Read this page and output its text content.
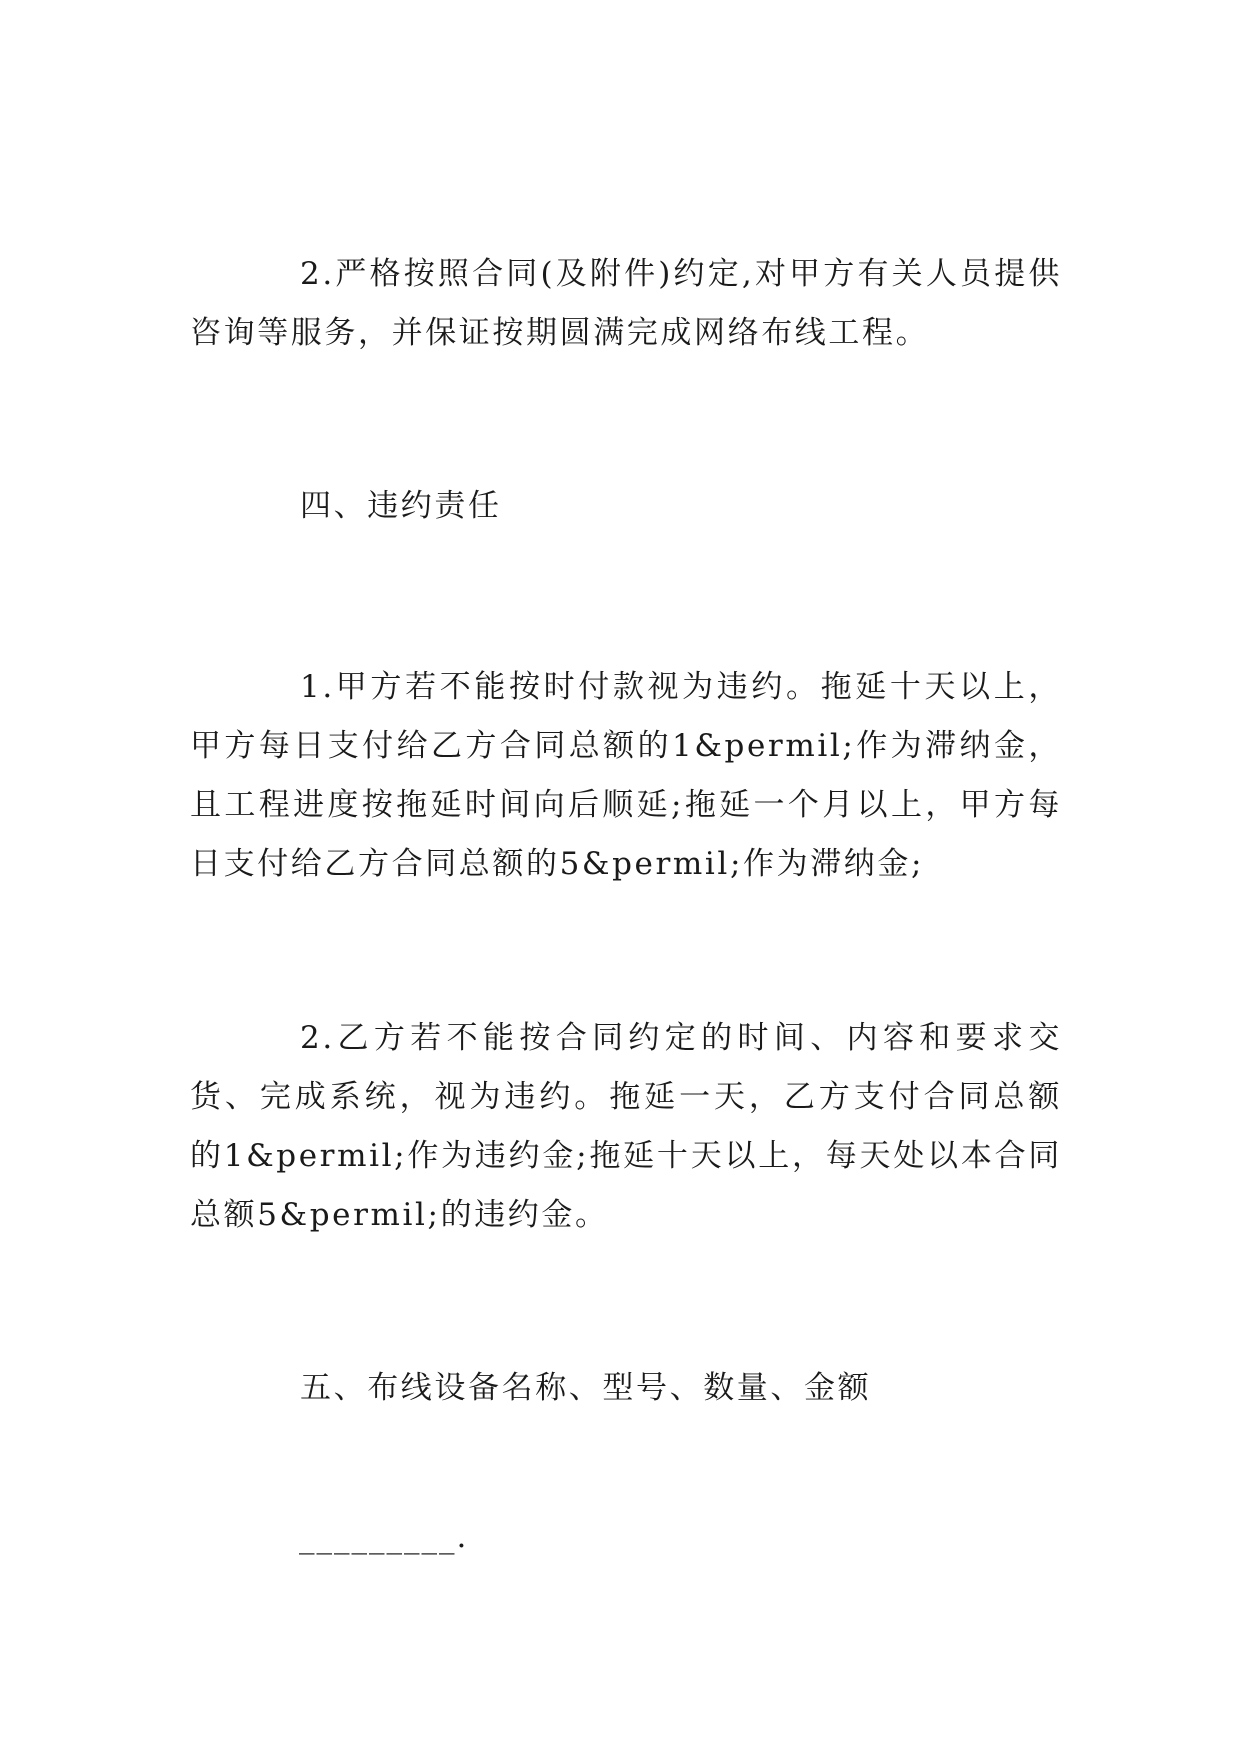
2.严格按照合同(及附件)约定,对甲方有关人员提供咨询等服务，并保证按期圆满完成网络布线工程。

四、违约责任

1.甲方若不能按时付款视为违约。拖延十天以上，甲方每日支付给乙方合同总额的1&permil;作为滞纳金，且工程进度按拖延时间向后顺延;拖延一个月以上，甲方每日支付给乙方合同总额的5&permil;作为滞纳金;

2.乙方若不能按合同约定的时间、内容和要求交货、完成系统，视为违约。拖延一天，乙方支付合同总额的1&permil;作为违约金;拖延十天以上，每天处以本合同总额5&permil;的违约金。

五、布线设备名称、型号、数量、金额

_________.
